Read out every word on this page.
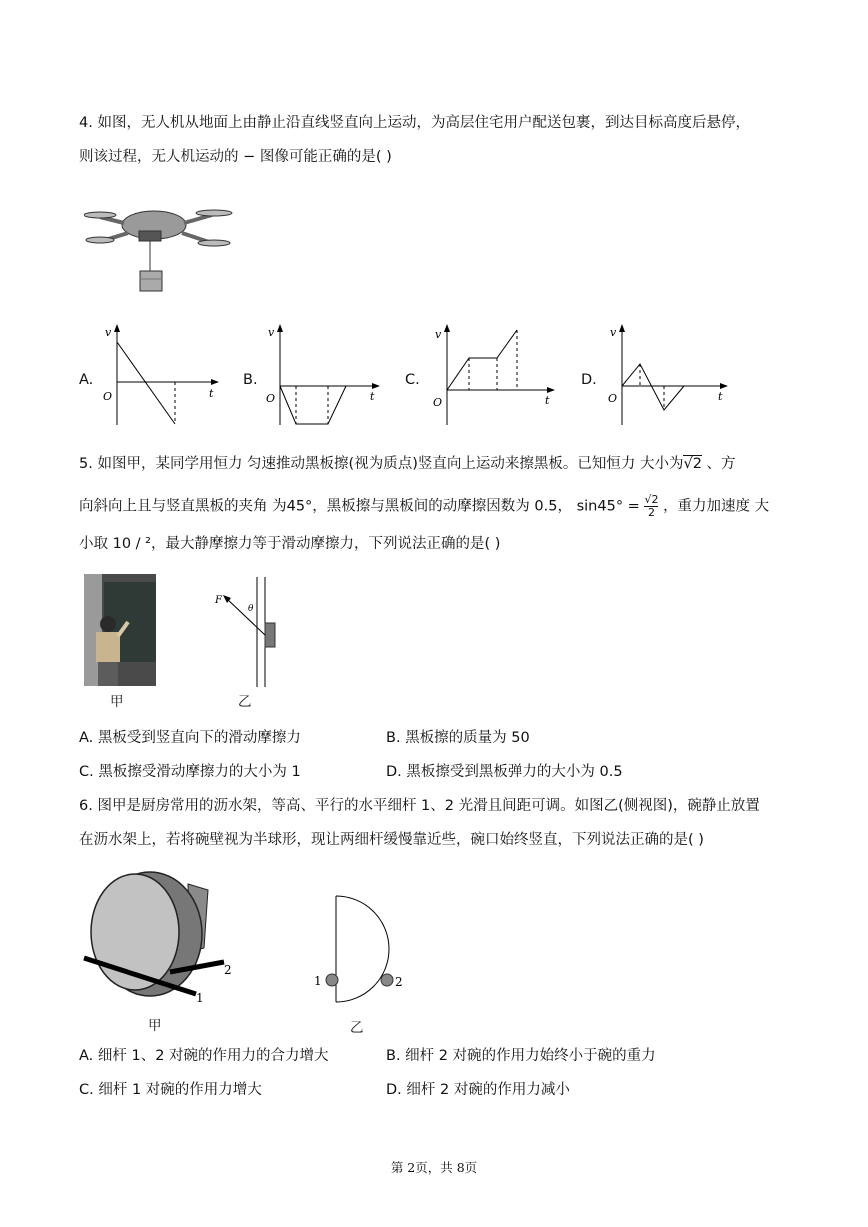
4. 如图，无人机从地面上由静止沿直线竖直向上运动，为高层住宅用户配送包裹，到达目标高度后悬停，
则该过程，无人机运动的 − 图像可能正确的是( )
A.
v
O	t
B.
v
O	t
C.
v
O	t
D.
v
O	t
5. 如图甲，某同学用恒力 匀速推动黑板擦(视为质点)竖直向上运动来擦黑板。已知恒力 大小为√2 、方
向斜向上且与竖直黑板的夹角 为45°，黑板擦与黑板间的动摩擦因数为 0.5， $\sin 45^\circ = \frac{√2}{2}$ ，重力加速度 大
小取 10 / ²，最大静摩擦力等于滑动摩擦力，下列说法正确的是( )
甲
F
θ
乙
A. 黑板受到竖直向下的滑动摩擦力	B. 黑板擦的质量为 50
C. 黑板擦受滑动摩擦力的大小为 1	D. 黑板擦受到黑板弹力的大小为 0.5
6. 图甲是厨房常用的沥水架，等高、平行的水平细杆 1、2 光滑且间距可调。如图乙(侧视图)，碗静止放置
在沥水架上，若将碗壁视为半球形，现让两细杆缓慢靠近些，碗口始终竖直，下列说法正确的是( )
2
1
甲
1	2
乙
A. 细杆 1、2 对碗的作用力的合力增大	B. 细杆 2 对碗的作用力始终小于碗的重力
C. 细杆 1 对碗的作用力增大	D. 细杆 2 对碗的作用力减小
第 2页，共 8页
